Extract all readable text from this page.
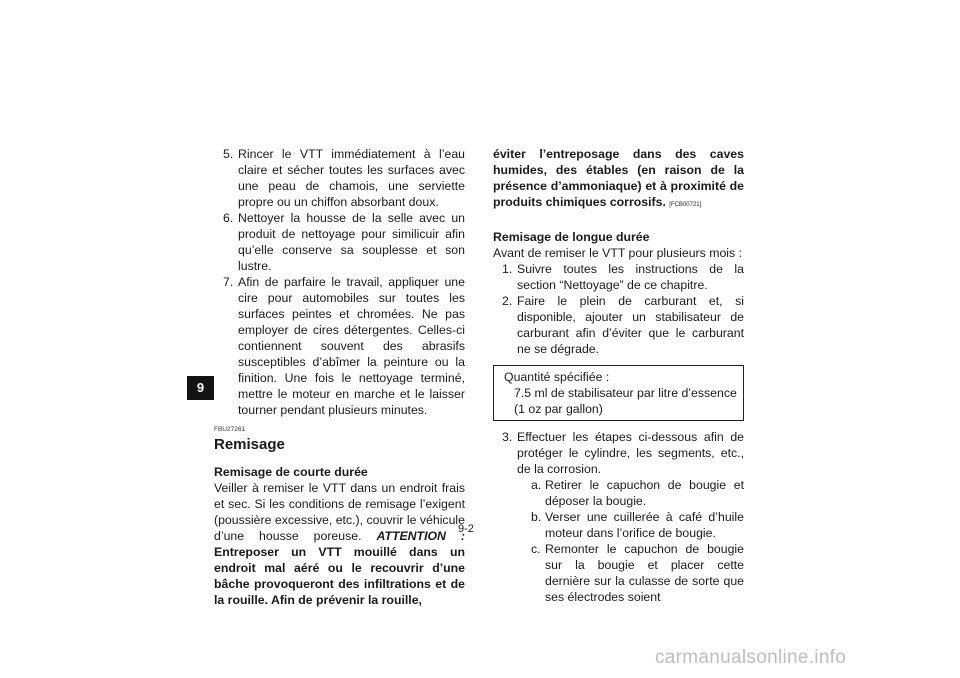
9
5. Rincer le VTT immédiatement à l’eau claire et sécher toutes les surfaces avec une peau de chamois, une serviette propre ou un chiffon absorbant doux.
6. Nettoyer la housse de la selle avec un produit de nettoyage pour similicuir afin qu’elle conserve sa souplesse et son lustre.
7. Afin de parfaire le travail, appliquer une cire pour automobiles sur toutes les surfaces peintes et chromées. Ne pas employer de cires détergentes. Celles-ci contiennent souvent des abrasifs susceptibles d’abîmer la peinture ou la finition. Une fois le nettoyage terminé, mettre le moteur en marche et le laisser tourner pendant plusieurs minutes.
FBU27261
Remisage
Remisage de courte durée

Veiller à remiser le VTT dans un endroit frais et sec. Si les conditions de remisage l’exigent (poussière excessive, etc.), couvrir le véhicule d’une housse poreuse. ATTENTION : Entreposer un VTT mouillé dans un endroit mal aéré ou le recouvrir d’une bâche provoqueront des infiltrations et de la rouille. Afin de prévenir la rouille,

éviter l’entreposage dans des caves humides, des étables (en raison de la présence d’ammoniaque) et à proximité de produits chimiques corrosifs. [FCB00721]

Remisage de longue durée

Avant de remiser le VTT pour plusieurs mois :

1. Suivre toutes les instructions de la section “Nettoyage” de ce chapitre.
2. Faire le plein de carburant et, si disponible, ajouter un stabilisateur de carburant afin d’éviter que le carburant ne se dégrade.
Quantité spécifiée :
7.5 ml de stabilisateur par litre d’essence (1 oz par gallon)
3. Effectuer les étapes ci-dessous afin de protéger le cylindre, les segments, etc., de la corrosion.
a. Retirer le capuchon de bougie et déposer la bougie.
b. Verser une cuillerée à café d’huile moteur dans l’orifice de bougie.
c. Remonter le capuchon de bougie sur la bougie et placer cette dernière sur la culasse de sorte que ses électrodes soient
9-2
carmanualsonline.info
